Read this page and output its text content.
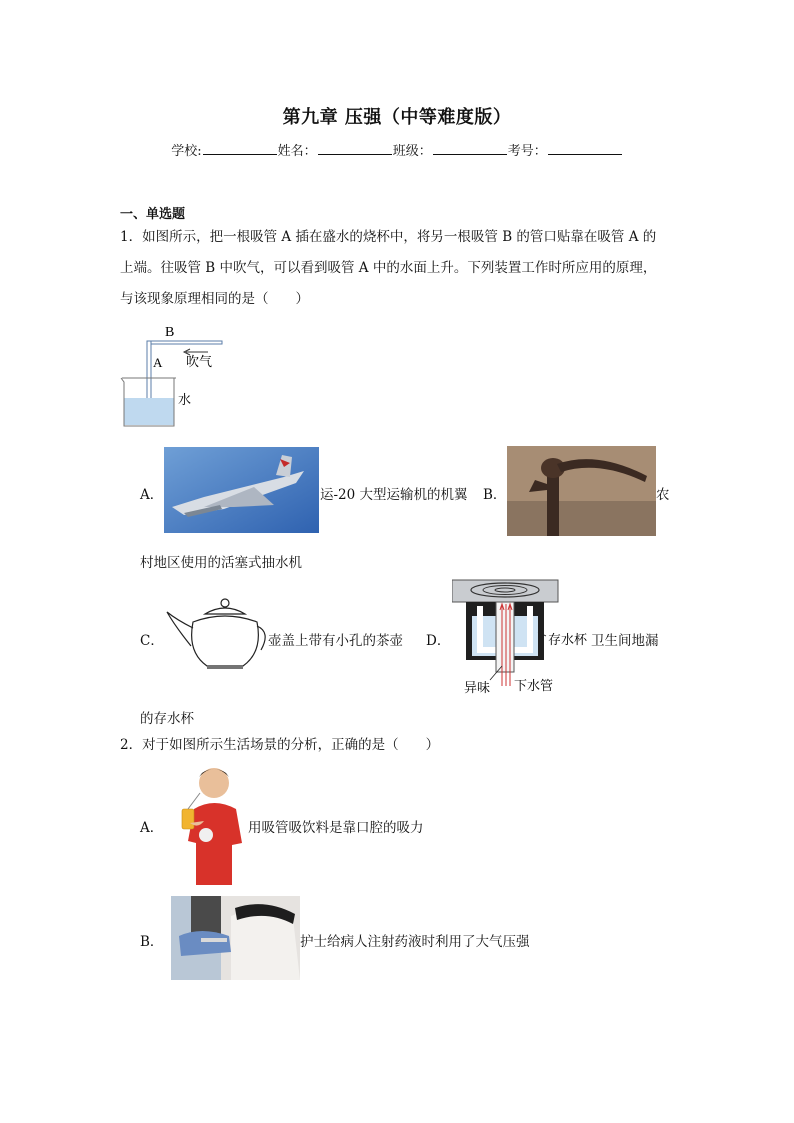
第九章 压强（中等难度版）
学校:	姓名：	班级：	考号：
一、单选题
1．如图所示，把一根吸管 A 插在盛水的烧杯中，将另一根吸管 B 的管口贴靠在吸管 A 的
上端。往吸管 B 中吹气，可以看到吸管 A 中的水面上升。下列装置工作时所应用的原理，
与该现象原理相同的是（　　）
B
A 吹气
水
A．	运-20 大型运输机的机翼 B．	农
村地区使用的活塞式抽水机
C．	壶盖上带有小孔的茶壶 D．	存水杯
异味 下水管
卫生间地漏
的存水杯
2．对于如图所示生活场景的分析，正确的是（　　）
A．	用吸管吸饮料是靠口腔的吸力
B．	护士给病人注射药液时利用了大气压强
